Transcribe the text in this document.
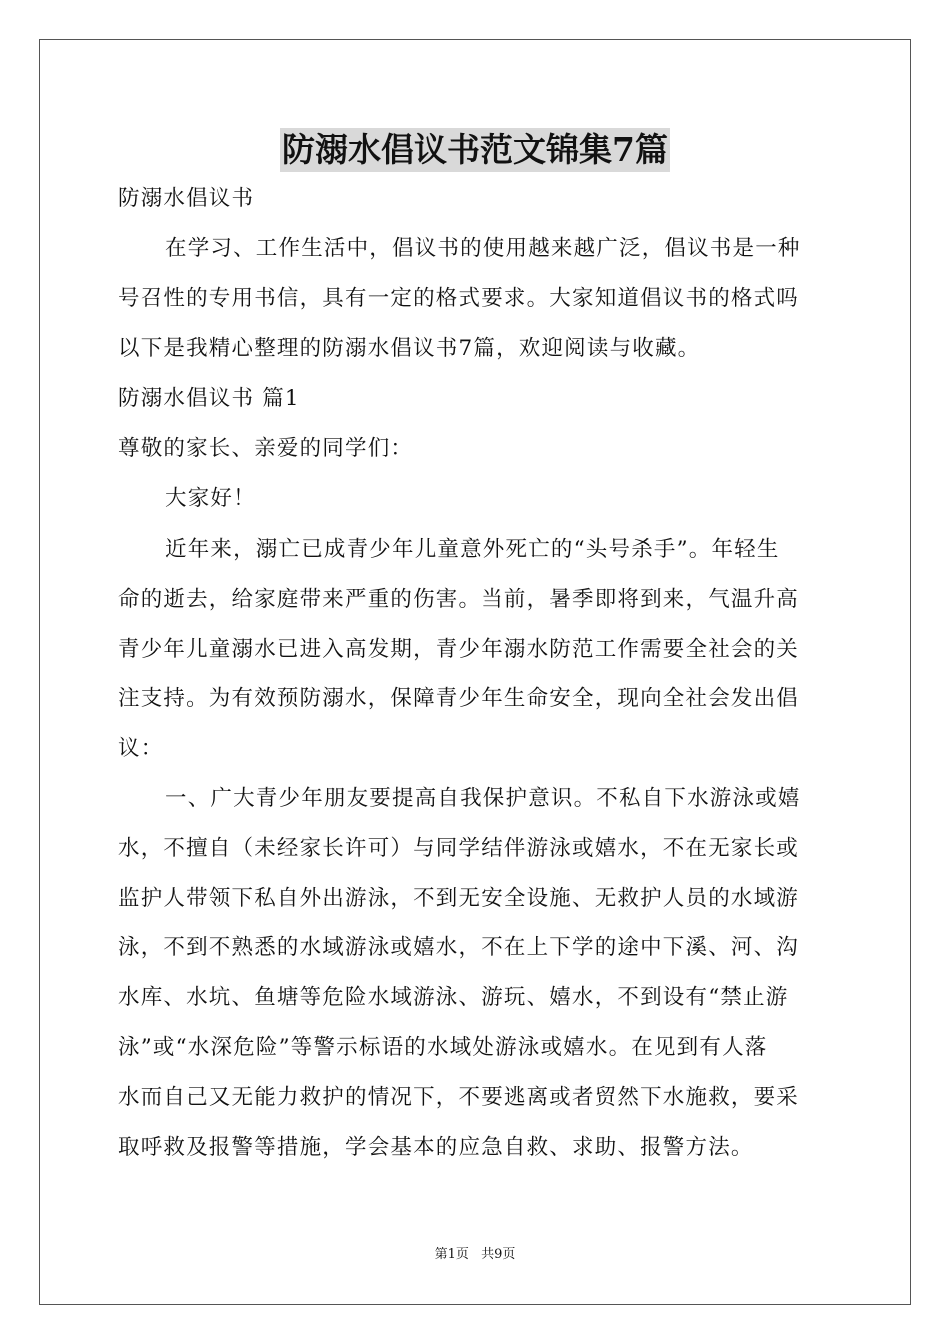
防溺水倡议书范文锦集7篇
防溺水倡议书
在学习、工作生活中，倡议书的使用越来越广泛，倡议书是一种
号召性的专用书信，具有一定的格式要求。大家知道倡议书的格式吗
以下是我精心整理的防溺水倡议书7篇，欢迎阅读与收藏。
防溺水倡议书 篇1
尊敬的家长、亲爱的同学们：
大家好！
近年来，溺亡已成青少年儿童意外死亡的“头号杀手”。年轻生
命的逝去，给家庭带来严重的伤害。当前，暑季即将到来，气温升高
青少年儿童溺水已进入高发期，青少年溺水防范工作需要全社会的关
注支持。为有效预防溺水，保障青少年生命安全，现向全社会发出倡
议：
一、广大青少年朋友要提高自我保护意识。不私自下水游泳或嬉
水，不擅自（未经家长许可）与同学结伴游泳或嬉水，不在无家长或
监护人带领下私自外出游泳，不到无安全设施、无救护人员的水域游
泳，不到不熟悉的水域游泳或嬉水，不在上下学的途中下溪、河、沟
水库、水坑、鱼塘等危险水域游泳、游玩、嬉水，不到设有“禁止游
泳”或“水深危险”等警示标语的水域处游泳或嬉水。在见到有人落
水而自己又无能力救护的情况下，不要逃离或者贸然下水施救，要采
取呼救及报警等措施，学会基本的应急自救、求助、报警方法。
第1页 共9页
